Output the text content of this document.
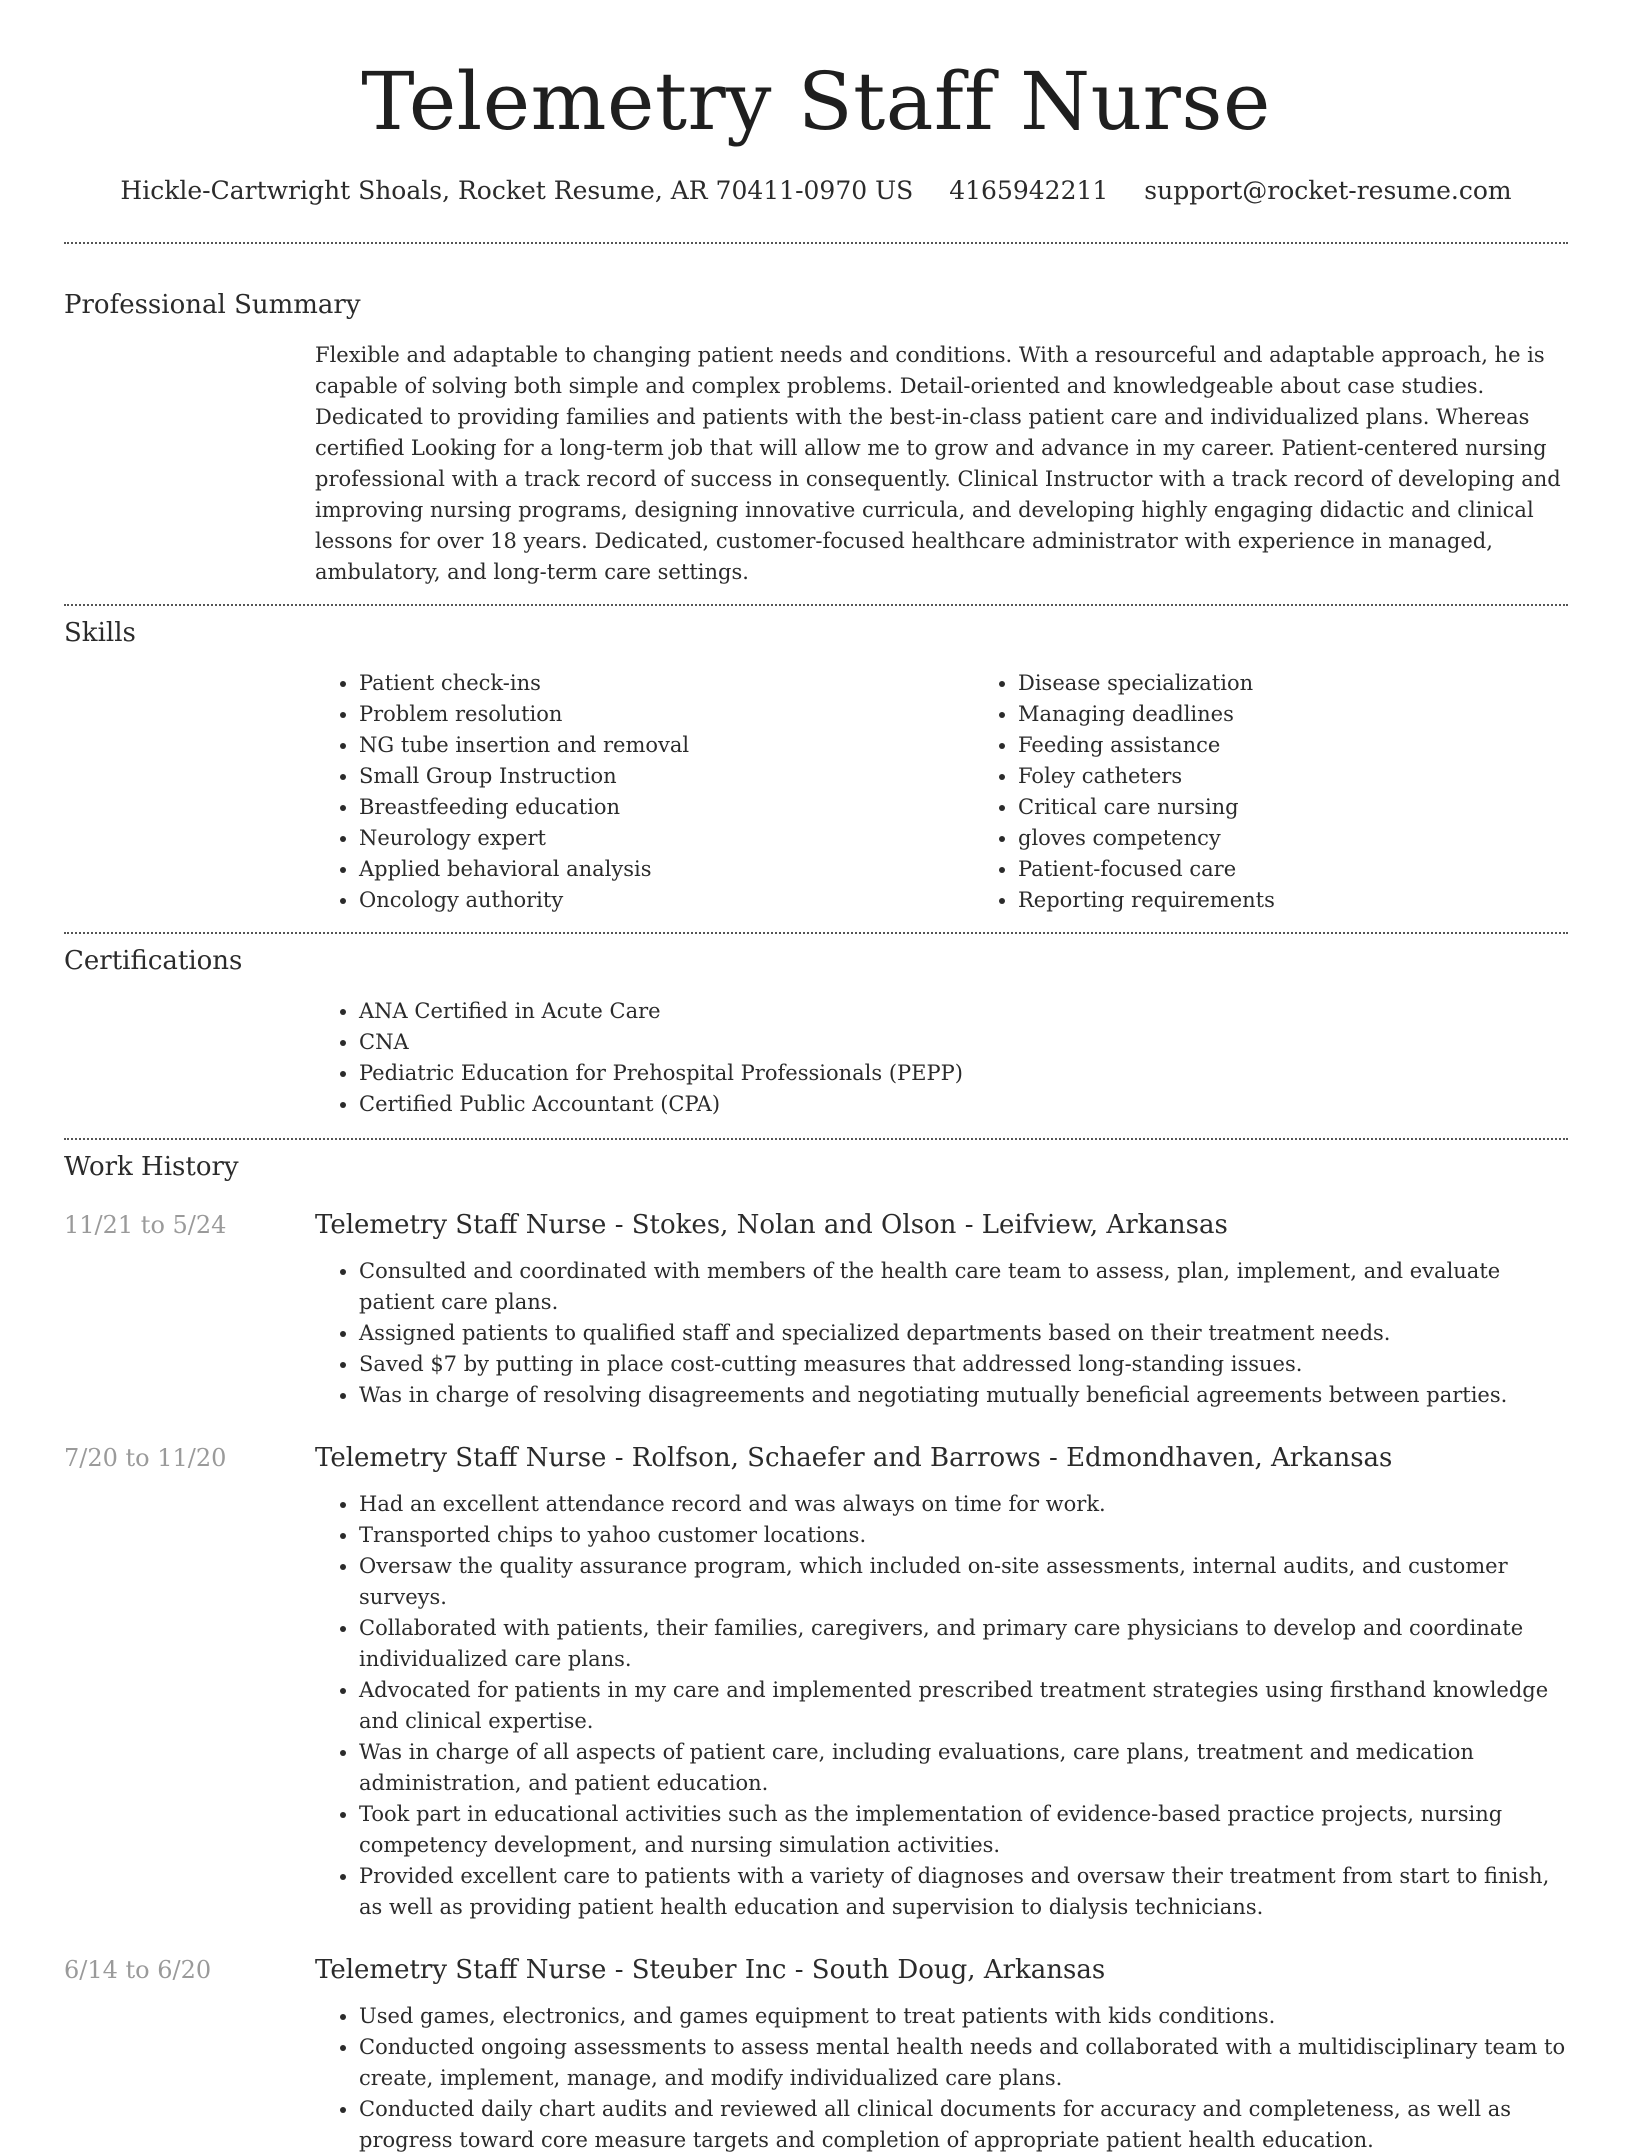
Telemetry Staff Nurse
Hickle-Cartwright Shoals, Rocket Resume, AR 70411-0970 US 4165942211 support@rocket-resume.com
Professional Summary

Flexible and adaptable to changing patient needs and conditions. With a resourceful and adaptable approach, he is capable of solving both simple and complex problems. Detail-oriented and knowledgeable about case studies. Dedicated to providing families and patients with the best-in-class patient care and individualized plans. Whereas certified Looking for a long-term job that will allow me to grow and advance in my career. Patient-centered nursing professional with a track record of success in consequently. Clinical Instructor with a track record of developing and improving nursing programs, designing innovative curricula, and developing highly engaging didactic and clinical lessons for over 18 years. Dedicated, customer-focused healthcare administrator with experience in managed, ambulatory, and long-term care settings.

Skills
• Patient check-ins
• Problem resolution
• NG tube insertion and removal
• Small Group Instruction
• Breastfeeding education
• Neurology expert
• Applied behavioral analysis
• Oncology authority
• Disease specialization
• Managing deadlines
• Feeding assistance
• Foley catheters
• Critical care nursing
• gloves competency
• Patient-focused care
• Reporting requirements
Certifications
• ANA Certified in Acute Care
• CNA
• Pediatric Education for Prehospital Professionals (PEPP)
• Certified Public Accountant (CPA)
Work History
11/21 to 5/24	Telemetry Staff Nurse - Stokes, Nolan and Olson - Leifview, Arkansas
• Consulted and coordinated with members of the health care team to assess, plan, implement, and evaluate patient care plans.
• Assigned patients to qualified staff and specialized departments based on their treatment needs.
• Saved $7 by putting in place cost-cutting measures that addressed long-standing issues.
• Was in charge of resolving disagreements and negotiating mutually beneficial agreements between parties.
7/20 to 11/20	Telemetry Staff Nurse - Rolfson, Schaefer and Barrows - Edmondhaven, Arkansas
• Had an excellent attendance record and was always on time for work.
• Transported chips to yahoo customer locations.
• Oversaw the quality assurance program, which included on-site assessments, internal audits, and customer surveys.
• Collaborated with patients, their families, caregivers, and primary care physicians to develop and coordinate individualized care plans.
• Advocated for patients in my care and implemented prescribed treatment strategies using firsthand knowledge and clinical expertise.
• Was in charge of all aspects of patient care, including evaluations, care plans, treatment and medication administration, and patient education.
• Took part in educational activities such as the implementation of evidence-based practice projects, nursing competency development, and nursing simulation activities.
• Provided excellent care to patients with a variety of diagnoses and oversaw their treatment from start to finish, as well as providing patient health education and supervision to dialysis technicians.
6/14 to 6/20	Telemetry Staff Nurse - Steuber Inc - South Doug, Arkansas
• Used games, electronics, and games equipment to treat patients with kids conditions.
• Conducted ongoing assessments to assess mental health needs and collaborated with a multidisciplinary team to create, implement, manage, and modify individualized care plans.
• Conducted daily chart audits and reviewed all clinical documents for accuracy and completeness, as well as progress toward core measure targets and completion of appropriate patient health education.
